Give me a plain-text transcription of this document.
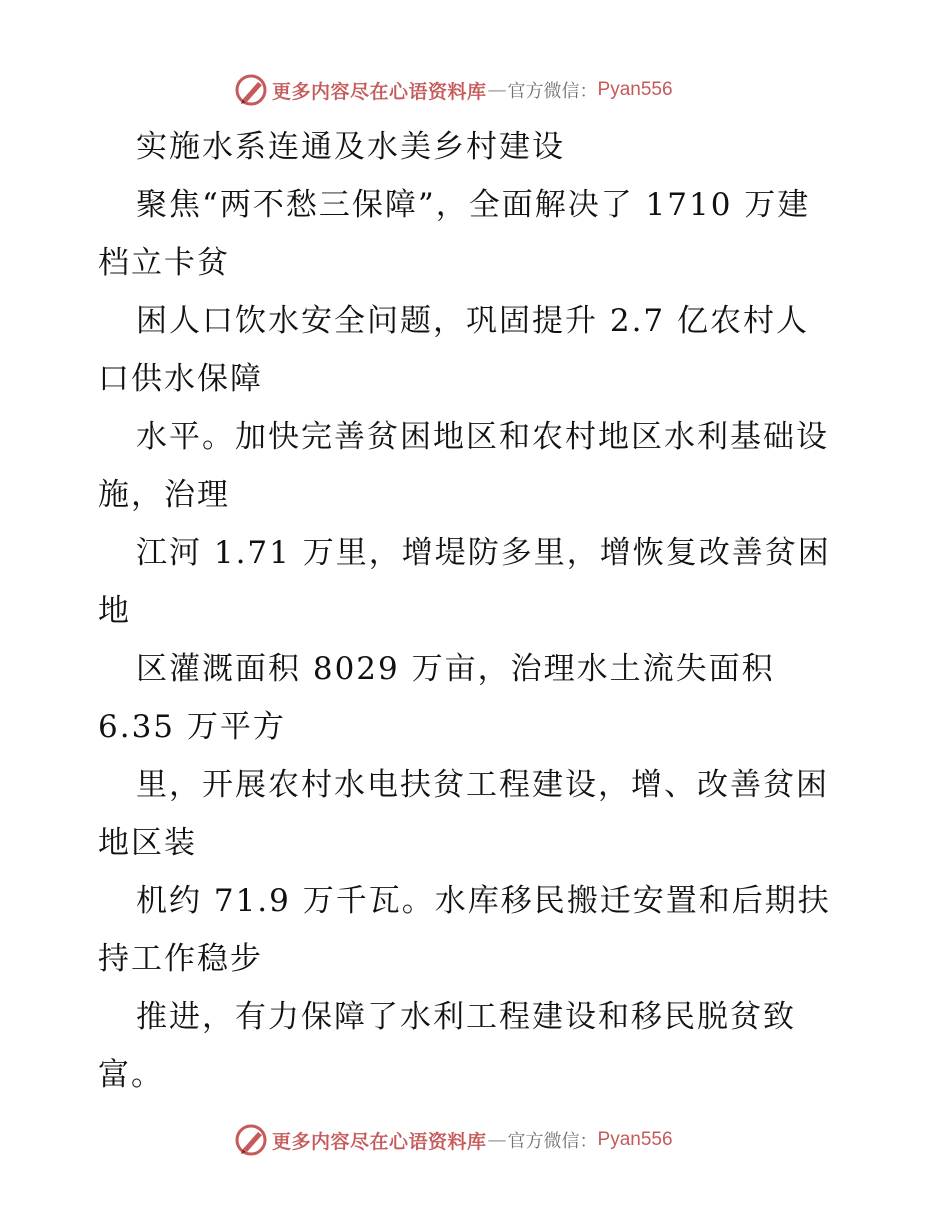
更多内容尽在心语资料库 — 官方微信： Pyan556
实施水系连通及水美乡村建设
聚焦“两不愁三保障”，全面解决了 1710 万建
档立卡贫
困人口饮水安全问题，巩固提升 2.7 亿农村人
口供水保障
水平。加快完善贫困地区和农村地区水利基础设
施，治理
江河 1.71 万里，增堤防多里，增恢复改善贫困
地
区灌溉面积 8029 万亩，治理水土流失面积
6.35 万平方
里，开展农村水电扶贫工程建设，增、改善贫困
地区装
机约 71.9 万千瓦。水库移民搬迁安置和后期扶
持工作稳步
推进，有力保障了水利工程建设和移民脱贫致
富。
更多内容尽在心语资料库 — 官方微信： Pyan556
